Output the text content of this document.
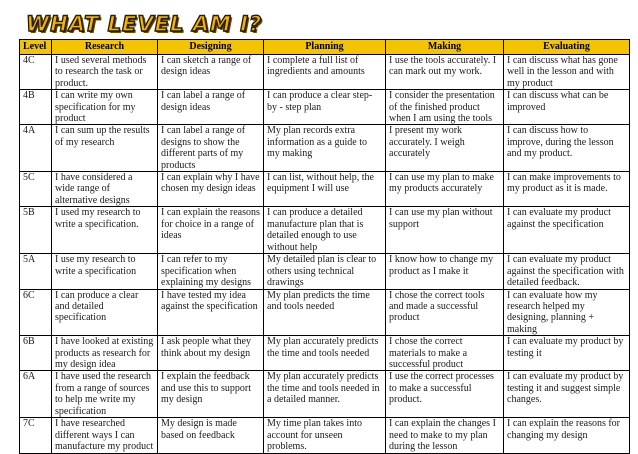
WHAT LEVEL AM I?
Level	Research	Designing	Planning	Making	Evaluating
4C	I used several methods to research the task or product.	I can sketch a range of design ideas	I complete a full list of ingredients and amounts	I use the tools accurately. I can mark out my work.	I can discuss what has gone well in the lesson and with my product
4B	I can write my own specification for my product	I can label a range of design ideas	I can produce a clear step-by - step plan	I consider the presentation of the finished product when I am using the tools	I can discuss what can be improved
4A	I can sum up the results of my research	I can label a range of designs to show the different parts of my products	My plan records extra information as a guide to my making	I present my work accurately. I weigh accurately	I can discuss how to improve, during the lesson and my product.
5C	I have considered a wide range of alternative designs	I can explain why I have chosen my design ideas	I can list, without help, the equipment I will use	I can use my plan to make my products accurately	I can make improvements to my product as it is made.
5B	I used my research to write a specification.	I can explain the reasons for choice in a range of ideas	I can produce a detailed manufacture plan that is detailed enough to use without help	I can use my plan without support	I can evaluate my product against the specification
5A	I use my research to write a specification	I can refer to my specification when explaining my designs	My detailed plan is clear to others using technical drawings	I know how to change my product as I make it	I can evaluate my product against the specification with detailed feedback.
6C	I can produce a clear and detailed specification	I have tested my idea against the specification	My plan predicts the time and tools needed	I chose the correct tools and made a successful product	I can evaluate how my research helped my designing, planning + making
6B	I have looked at existing products as research for my design idea	I ask people what they think about my design	My plan accurately predicts the time and tools needed	I chose the correct materials to make a successful product	I can evaluate my product by testing it
6A	I have used the research from a range of sources to help me write my specification	I explain the feedback and use this to support my design	My plan accurately predicts the time and tools needed in a detailed manner.	I use the correct processes to make a successful product.	I can evaluate my product by testing it and suggest simple changes.
7C	I have researched different ways I can manufacture my product	My design is made based on feedback	My time plan takes into account for unseen problems.	I can explain the changes I need to make to my plan during the lesson	I can explain the reasons for changing my design
